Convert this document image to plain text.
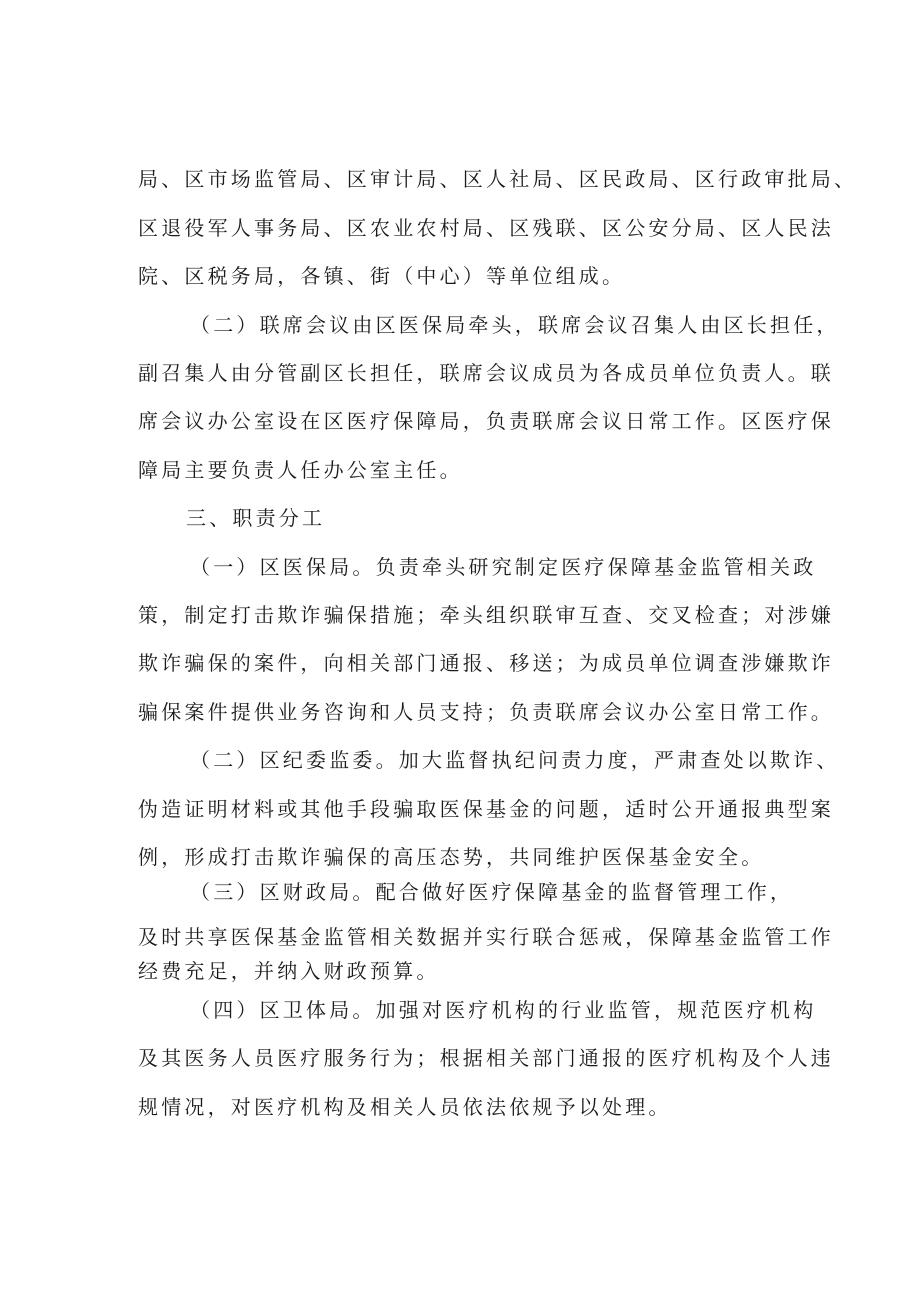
局、区市场监管局、区审计局、区人社局、区民政局、区行政审批局、
区退役军人事务局、区农业农村局、区残联、区公安分局、区人民法
院、区税务局，各镇、街（中心）等单位组成。
（二）联席会议由区医保局牵头，联席会议召集人由区长担任，
副召集人由分管副区长担任，联席会议成员为各成员单位负责人。联
席会议办公室设在区医疗保障局，负责联席会议日常工作。区医疗保
障局主要负责人任办公室主任。
三、职责分工
（一）区医保局。负责牵头研究制定医疗保障基金监管相关政
策，制定打击欺诈骗保措施；牵头组织联审互查、交叉检查；对涉嫌
欺诈骗保的案件，向相关部门通报、移送；为成员单位调查涉嫌欺诈
骗保案件提供业务咨询和人员支持；负责联席会议办公室日常工作。
（二）区纪委监委。加大监督执纪问责力度，严肃查处以欺诈、
伪造证明材料或其他手段骗取医保基金的问题，适时公开通报典型案
例，形成打击欺诈骗保的高压态势，共同维护医保基金安全。
（三）区财政局。配合做好医疗保障基金的监督管理工作，
及时共享医保基金监管相关数据并实行联合惩戒，保障基金监管工作
经费充足，并纳入财政预算。
（四）区卫体局。加强对医疗机构的行业监管，规范医疗机构
及其医务人员医疗服务行为；根据相关部门通报的医疗机构及个人违
规情况，对医疗机构及相关人员依法依规予以处理。
